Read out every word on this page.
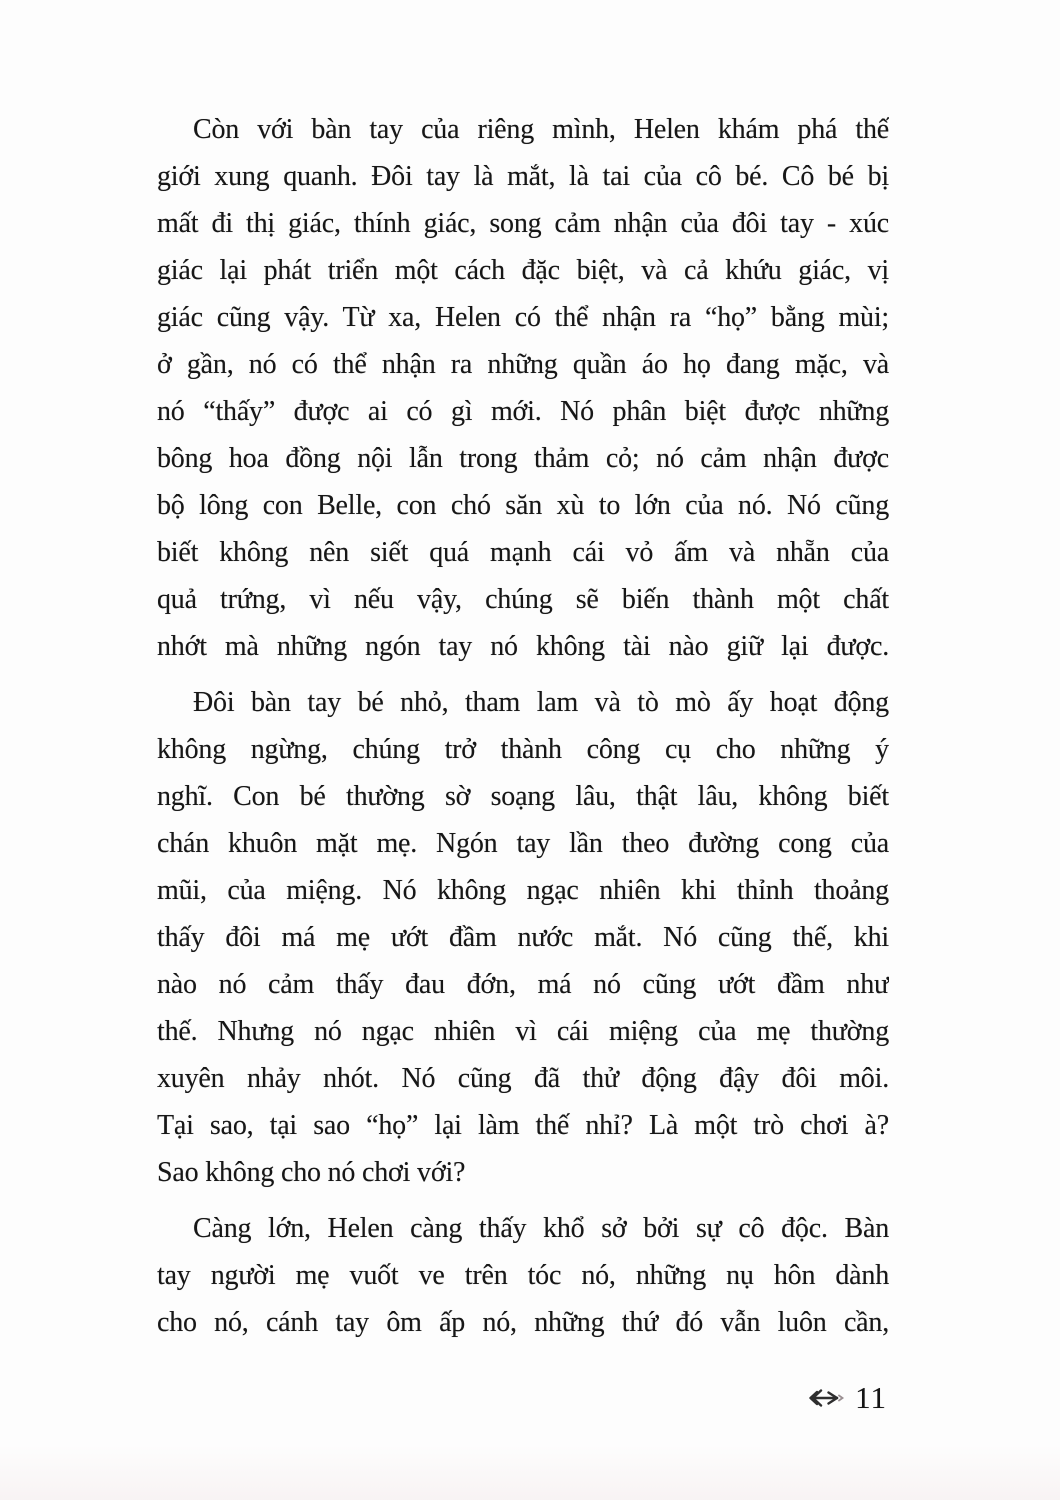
Còn với bàn tay của riêng mình, Helen khám phá thế
giới xung quanh. Đôi tay là mắt, là tai của cô bé. Cô bé bị
mất đi thị giác, thính giác, song cảm nhận của đôi tay - xúc
giác lại phát triển một cách đặc biệt, và cả khứu giác, vị
giác cũng vậy. Từ xa, Helen có thể nhận ra “họ” bằng mùi;
ở gần, nó có thể nhận ra những quần áo họ đang mặc, và
nó “thấy” được ai có gì mới. Nó phân biệt được những
bông hoa đồng nội lẫn trong thảm cỏ; nó cảm nhận được
bộ lông con Belle, con chó săn xù to lớn của nó. Nó cũng
biết không nên siết quá mạnh cái vỏ ấm và nhẵn của
quả trứng, vì nếu vậy, chúng sẽ biến thành một chất
nhớt mà những ngón tay nó không tài nào giữ lại được.
Đôi bàn tay bé nhỏ, tham lam và tò mò ấy hoạt động
không ngừng, chúng trở thành công cụ cho những ý
nghĩ. Con bé thường sờ soạng lâu, thật lâu, không biết
chán khuôn mặt mẹ. Ngón tay lần theo đường cong của
mũi, của miệng. Nó không ngạc nhiên khi thỉnh thoảng
thấy đôi má mẹ ướt đầm nước mắt. Nó cũng thế, khi
nào nó cảm thấy đau đớn, má nó cũng ướt đầm như
thế. Nhưng nó ngạc nhiên vì cái miệng của mẹ thường
xuyên nhảy nhót. Nó cũng đã thử động đậy đôi môi.
Tại sao, tại sao “họ” lại làm thế nhỉ? Là một trò chơi à?
Sao không cho nó chơi với?
Càng lớn, Helen càng thấy khổ sở bởi sự cô độc. Bàn
tay người mẹ vuốt ve trên tóc nó, những nụ hôn dành
cho nó, cánh tay ôm ấp nó, những thứ đó vẫn luôn cần,
11
